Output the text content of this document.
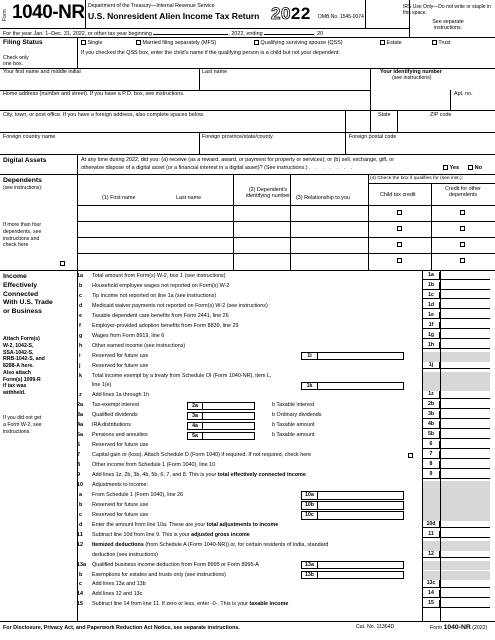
Form 1040-NR Department of the Treasury—Internal Revenue Service
U.S. Nonresident Alien Income Tax Return 2022 OMB No. 1545-0074
IRS Use Only—Do not write or staple in this space.
See separate instructions.
For the year Jan. 1–Dec. 31, 2022, or other tax year beginning	, 2022, ending	, 20
Filing Status
Check only one box.
Single	Married filing separately (MFS)	Qualifying surviving spouse (QSS)	Estate	Trust
If you checked the QSS box, enter the child’s name if the qualifying person is a child but not your dependent:
Your first name and middle initial	Last name	Your identifying number
(see instructions)
Home address (number and street). If you have a P.O. box, see instructions.	Apt. no.
City, town, or post office. If you have a foreign address, also complete spaces below.	State	ZIP code
Foreign country name	Foreign province/state/county	Foreign postal code
Digital Assets	At any time during 2022, did you: (a) receive (as a reward, award, or payment for property or services); or (b) sell, exchange, gift, or
otherwise dispose of a digital asset (or a financial interest in a digital asset)? (See instructions.) . . . . . . .	Yes	No
Dependents
(see instructions):
If more than four dependents, see instructions and check here
(1) First name	Last name
(2) Dependent’s identifying number	(3) Relationship to you
(4) Check the box if qualifies for (see inst.):
Child tax credit
Credit for other dependents
Income Effectively Connected With U.S. Trade or Business
Attach Form(s) W-2, 1042-S, SSA-1042-S, RRB-1042-S, and 8288-A here. Also attach Form(s) 1099-R if tax was withheld.
If you did not get a Form W-2, see instructions.
1a	Total amount from Form(s) W-2, box 1 (see instructions)	1a
b	Household employee wages not reported on Form(s) W-2	1b
c	Tip income not reported on line 1a (see instructions)	1c
d	Medicaid waiver payments not reported on Form(s) W-2 (see instructions)	1d
e	Taxable dependent care benefits from Form 2441, line 26	1e
f	Employer-provided adoption benefits from Form 8839, line 29	1f
g	Wages from Form 8919, line 6	1g
h	Other earned income (see instructions)	1h
i	Reserved for future use	1i
j	Reserved for future use	1j
k	Total income exempt by a treaty from Schedule OI (Form 1040-NR), item L,
line 1(e)	1k
z	Add lines 1a through 1h	1z
2a	Tax-exempt interest	2a	b Taxable interest	2b
3a	Qualified dividends	3a	b Ordinary dividends	3b
4a	IRA distributions	4a	b Taxable amount	4b
5a	Pensions and annuities	5a	b Taxable amount	5b
6	Reserved for future use	6
7	Capital gain or (loss). Attach Schedule D (Form 1040) if required. If not required, check here	7
8	Other income from Schedule 1 (Form 1040), line 10	8
9	Add lines 1z, 2b, 3b, 4b, 5b, 6, 7, and 8. This is your total effectively connected income	9
10	Adjustments to income:
a	From Schedule 1 (Form 1040), line 26	10a
b	Reserved for future use	10b
c	Reserved for future use	10c
d	Enter the amount from line 10a. These are your total adjustments to income	10d
11	Subtract line 10d from line 9. This is your adjusted gross income	11
12	Itemized deductions (from Schedule A (Form 1040-NR)) or, for certain residents of India, standard
deduction (see instructions)	12
13a	Qualified business income deduction from Form 8995 or Form 8995-A	13a
b	Exemptions for estates and trusts only (see instructions)	13b
c	Add lines 13a and 13b	13c
14	Add lines 12 and 13c	14
15	Subtract line 14 from line 11. If zero or less, enter -0-. This is your taxable income	15
For Disclosure, Privacy Act, and Paperwork Reduction Act Notice, see separate instructions.	Cat. No. 11364D	Form 1040-NR (2022)
